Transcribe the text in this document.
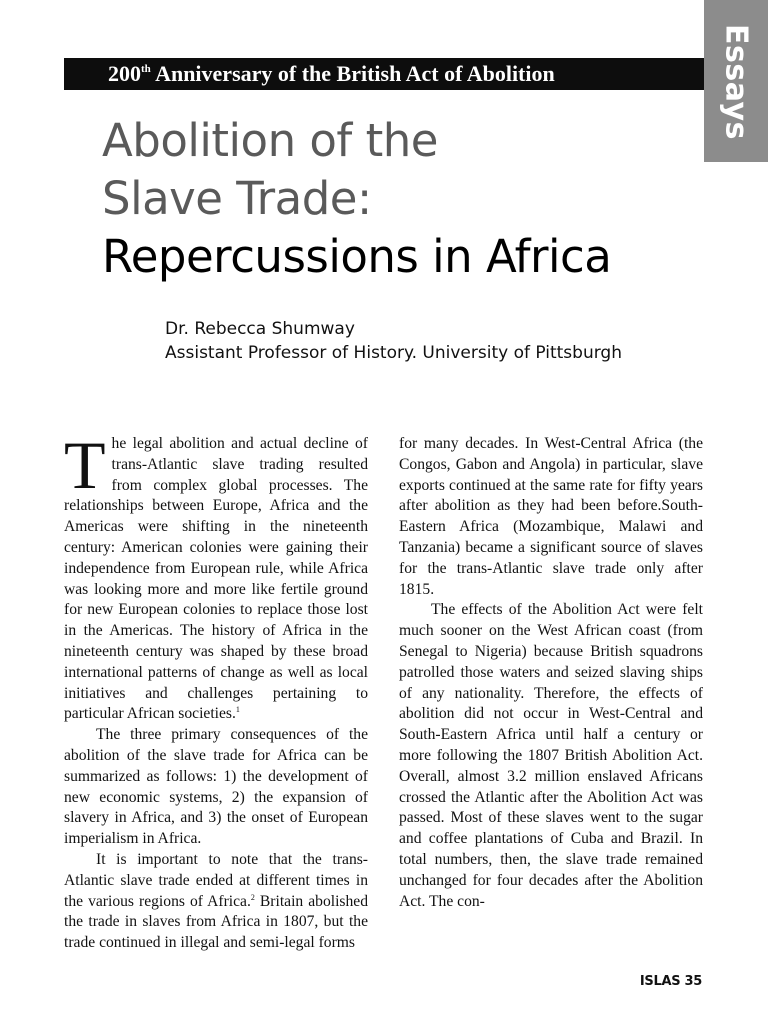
Essays
200th Anniversary of the British Act of Abolition
Abolition of the
Slave Trade:
Repercussions in Africa
Dr. Rebecca Shumway
Assistant Professor of History. University of Pittsburgh

The legal abolition and actual decline of trans-Atlantic slave trading resulted from complex global processes. The relationships between Europe, Africa and the Americas were shifting in the nineteenth century: American colonies were gaining their independence from European rule, while Africa was looking more and more like fertile ground for new European colonies to replace those lost in the Americas. The history of Africa in the nineteenth century was shaped by these broad international patterns of change as well as local initiatives and challenges pertaining to particular African societies.$^1$

The three primary consequences of the abolition of the slave trade for Africa can be summarized as follows: 1) the development of new economic systems, 2) the expansion of slavery in Africa, and 3) the onset of European imperialism in Africa.

It is important to note that the trans-Atlantic slave trade ended at different times in the various regions of Africa.$^2$ Britain abolished the trade in slaves from Africa in 1807, but the trade continued in illegal and semi-legal forms

for many decades. In West-Central Africa (the Congos, Gabon and Angola) in particular, slave exports continued at the same rate for fifty years after abolition as they had been before.South-Eastern Africa (Mozambique, Malawi and Tanzania) became a significant source of slaves for the trans-Atlantic slave trade only after 1815.

The effects of the Abolition Act were felt much sooner on the West African coast (from Senegal to Nigeria) because British squadrons patrolled those waters and seized slaving ships of any nationality. Therefore, the effects of abolition did not occur in West-Central and South-Eastern Africa until half a century or more following the 1807 British Abolition Act. Overall, almost 3.2 million enslaved Africans crossed the Atlantic after the Abolition Act was passed. Most of these slaves went to the sugar and coffee plantations of Cuba and Brazil. In total numbers, then, the slave trade remained unchanged for four decades after the Abolition Act. The con-

ISLAS 35
